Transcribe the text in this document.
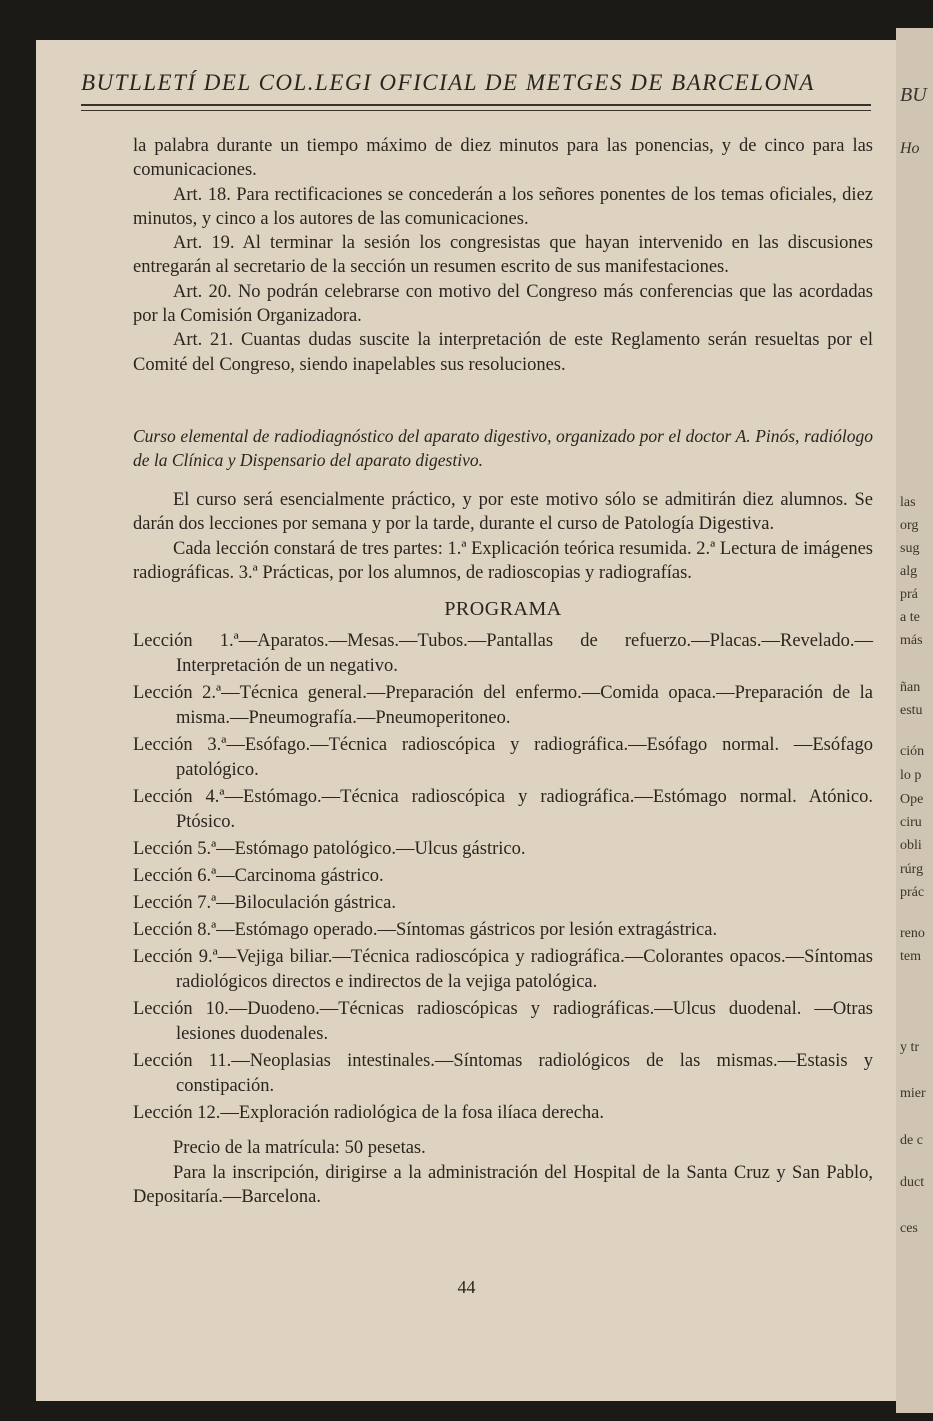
BU
Ho
las
org
sug
alg
prá
a te
más
ñan
estu
ción
lo p
Ope
ciru
obli
rúrg
prác
reno
tem
y tr
mier
de c
duct
ces
BUTLLETÍ DEL COL.LEGI OFICIAL DE METGES DE BARCELONA

la palabra durante un tiempo máximo de diez minutos para las ponencias, y de cinco para las comunicaciones.

Art. 18. Para rectificaciones se concederán a los señores ponentes de los temas oficiales, diez minutos, y cinco a los autores de las comunicaciones.

Art. 19. Al terminar la sesión los congresistas que hayan intervenido en las discusiones entregarán al secretario de la sección un resumen escrito de sus manifestaciones.

Art. 20. No podrán celebrarse con motivo del Congreso más conferencias que las acordadas por la Comisión Organizadora.

Art. 21. Cuantas dudas suscite la interpretación de este Reglamento serán resueltas por el Comité del Congreso, siendo inapelables sus resoluciones.

Curso elemental de radiodiagnóstico del aparato digestivo, organizado por el doctor A. Pinós, radiólogo de la Clínica y Dispensario del aparato digestivo.

El curso será esencialmente práctico, y por este motivo sólo se admitirán diez alumnos. Se darán dos lecciones por semana y por la tarde, durante el curso de Patología Digestiva.

Cada lección constará de tres partes: 1.ª Explicación teórica resumida. 2.ª Lectura de imágenes radiográficas. 3.ª Prácticas, por los alumnos, de radioscopias y radiografías.

PROGRAMA

Lección 1.ª—Aparatos.—Mesas.—Tubos.—Pantallas de refuerzo.—Placas.—Revelado.—Interpretación de un negativo.

Lección 2.ª—Técnica general.—Preparación del enfermo.—Comida opaca.—Preparación de la misma.—Pneumografía.—Pneumoperitoneo.

Lección 3.ª—Esófago.—Técnica radioscópica y radiográfica.—Esófago normal. —Esófago patológico.

Lección 4.ª—Estómago.—Técnica radioscópica y radiográfica.—Estómago normal. Atónico. Ptósico.

Lección 5.ª—Estómago patológico.—Ulcus gástrico.

Lección 6.ª—Carcinoma gástrico.

Lección 7.ª—Biloculación gástrica.

Lección 8.ª—Estómago operado.—Síntomas gástricos por lesión extragástrica.

Lección 9.ª—Vejiga biliar.—Técnica radioscópica y radiográfica.—Colorantes opacos.—Síntomas radiológicos directos e indirectos de la vejiga patológica.

Lección 10.—Duodeno.—Técnicas radioscópicas y radiográficas.—Ulcus duodenal. —Otras lesiones duodenales.

Lección 11.—Neoplasias intestinales.—Síntomas radiológicos de las mismas.—Estasis y constipación.

Lección 12.—Exploración radiológica de la fosa ilíaca derecha.

Precio de la matrícula: 50 pesetas.

Para la inscripción, dirigirse a la administración del Hospital de la Santa Cruz y San Pablo, Depositaría.—Barcelona.

44
